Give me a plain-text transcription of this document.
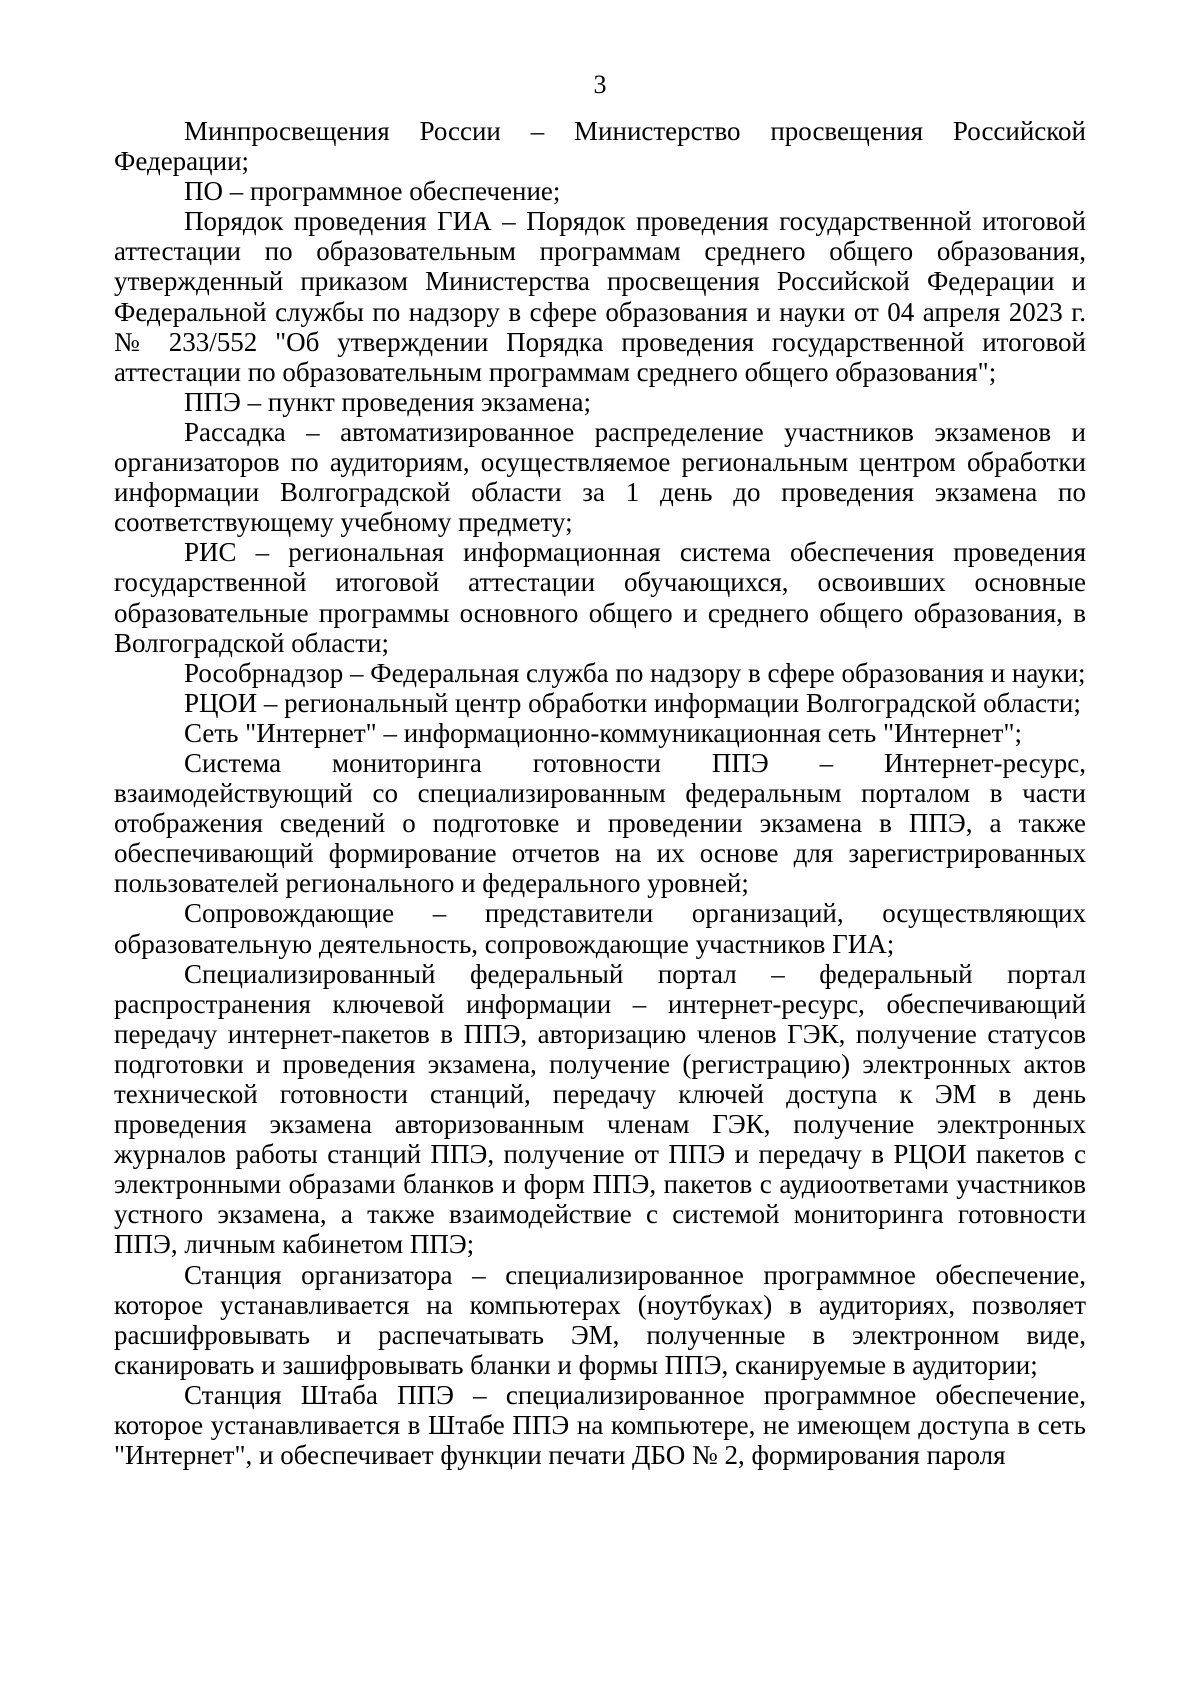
3

Минпросвещения России – Министерство просвещения Российской Федерации;

ПО – программное обеспечение;

Порядок проведения ГИА – Порядок проведения государственной итоговой аттестации по образовательным программам среднего общего образования, утвержденный приказом Министерства просвещения Российской Федерации и Федеральной службы по надзору в сфере образования и науки от 04 апреля 2023 г. № 233/552 "Об утверждении Порядка проведения государственной итоговой аттестации по образовательным программам среднего общего образования";

ППЭ – пункт проведения экзамена;

Рассадка – автоматизированное распределение участников экзаменов и организаторов по аудиториям, осуществляемое региональным центром обработки информации Волгоградской области за 1 день до проведения экзамена по соответствующему учебному предмету;

РИС – региональная информационная система обеспечения проведения государственной итоговой аттестации обучающихся, освоивших основные образовательные программы основного общего и среднего общего образования, в Волгоградской области;

Рособрнадзор – Федеральная служба по надзору в сфере образования и науки;

РЦОИ – региональный центр обработки информации Волгоградской области;

Сеть "Интернет" – информационно-коммуникационная сеть "Интернет";

Система мониторинга готовности ППЭ – Интернет-ресурс, взаимодействующий со специализированным федеральным порталом в части отображения сведений о подготовке и проведении экзамена в ППЭ, а также обеспечивающий формирование отчетов на их основе для зарегистрированных пользователей регионального и федерального уровней;

Сопровождающие – представители организаций, осуществляющих образовательную деятельность, сопровождающие участников ГИА;

Специализированный федеральный портал – федеральный портал распространения ключевой информации – интернет-ресурс, обеспечивающий передачу интернет-пакетов в ППЭ, авторизацию членов ГЭК, получение статусов подготовки и проведения экзамена, получение (регистрацию) электронных актов технической готовности станций, передачу ключей доступа к ЭМ в день проведения экзамена авторизованным членам ГЭК, получение электронных журналов работы станций ППЭ, получение от ППЭ и передачу в РЦОИ пакетов с электронными образами бланков и форм ППЭ, пакетов с аудиоответами участников устного экзамена, а также взаимодействие с системой мониторинга готовности ППЭ, личным кабинетом ППЭ;

Станция организатора – специализированное программное обеспечение, которое устанавливается на компьютерах (ноутбуках) в аудиториях, позволяет расшифровывать и распечатывать ЭМ, полученные в электронном виде, сканировать и зашифровывать бланки и формы ППЭ, сканируемые в аудитории;

Станция Штаба ППЭ – специализированное программное обеспечение, которое устанавливается в Штабе ППЭ на компьютере, не имеющем доступа в сеть "Интернет", и обеспечивает функции печати ДБО № 2, формирования пароля
